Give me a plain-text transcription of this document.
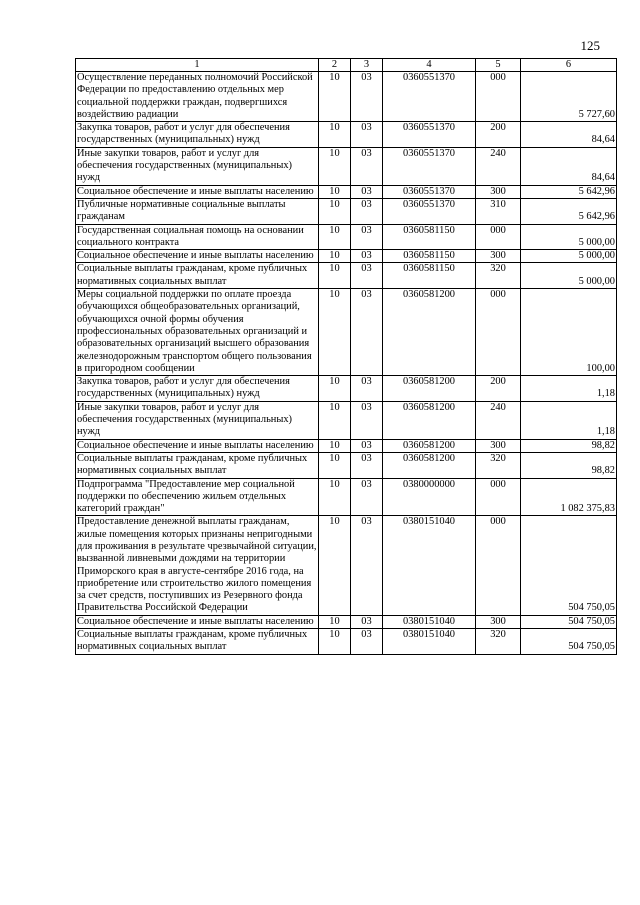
125
1	2	3	4	5	6
Осуществление переданных полномочий Российской Федерации по предоставлению отдельных мер социальной поддержки граждан, подвергшихся воздействию радиации	10	03	0360551370	000	5 727,60
Закупка товаров, работ и услуг для обеспечения государственных (муниципальных) нужд	10	03	0360551370	200	84,64
Иные закупки товаров, работ и услуг для обеспечения государственных (муниципальных) нужд	10	03	0360551370	240	84,64
Социальное обеспечение и иные выплаты населению	10	03	0360551370	300	5 642,96
Публичные нормативные социальные выплаты гражданам	10	03	0360551370	310	5 642,96
Государственная социальная помощь на основании социального контракта	10	03	0360581150	000	5 000,00
Социальное обеспечение и иные выплаты населению	10	03	0360581150	300	5 000,00
Социальные выплаты гражданам, кроме публичных нормативных социальных выплат	10	03	0360581150	320	5 000,00
Меры социальной поддержки по оплате проезда обучающихся общеобразовательных организаций, обучающихся очной формы обучения профессиональных образовательных организаций и образовательных организаций высшего образования железнодорожным транспортом общего пользования в пригородном сообщении	10	03	0360581200	000	100,00
Закупка товаров, работ и услуг для обеспечения государственных (муниципальных) нужд	10	03	0360581200	200	1,18
Иные закупки товаров, работ и услуг для обеспечения государственных (муниципальных) нужд	10	03	0360581200	240	1,18
Социальное обеспечение и иные выплаты населению	10	03	0360581200	300	98,82
Социальные выплаты гражданам, кроме публичных нормативных социальных выплат	10	03	0360581200	320	98,82
Подпрограмма "Предоставление мер социальной поддержки по обеспечению жильем отдельных категорий граждан"	10	03	0380000000	000	1 082 375,83
Предоставление денежной выплаты гражданам, жилые помещения которых признаны непригодными для проживания в результате чрезвычайной ситуации, вызванной ливневыми дождями на территории Приморского края в августе-сентябре 2016 года, на приобретение или строительство жилого помещения за счет средств, поступивших из Резервного фонда Правительства Российской Федерации	10	03	0380151040	000	504 750,05
Социальное обеспечение и иные выплаты населению	10	03	0380151040	300	504 750,05
Социальные выплаты гражданам, кроме публичных нормативных социальных выплат	10	03	0380151040	320	504 750,05
